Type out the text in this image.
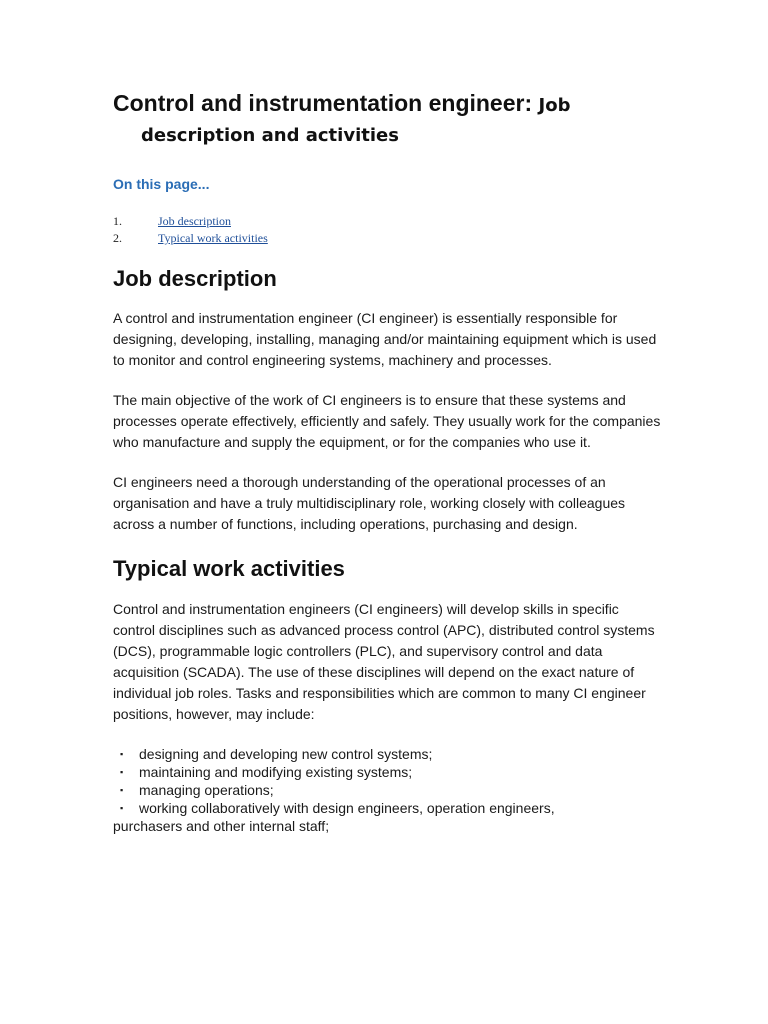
Control and instrumentation engineer: Job description and activities
On this page...
1.	Job description
2.	Typical work activities
Job description

A control and instrumentation engineer (CI engineer) is essentially responsible for designing, developing, installing, managing and/or maintaining equipment which is used to monitor and control engineering systems, machinery and processes.

The main objective of the work of CI engineers is to ensure that these systems and processes operate effectively, efficiently and safely. They usually work for the companies who manufacture and supply the equipment, or for the companies who use it.

CI engineers need a thorough understanding of the operational processes of an organisation and have a truly multidisciplinary role, working closely with colleagues across a number of functions, including operations, purchasing and design.

Typical work activities

Control and instrumentation engineers (CI engineers) will develop skills in specific control disciplines such as advanced process control (APC), distributed control systems (DCS), programmable logic controllers (PLC), and supervisory control and data acquisition (SCADA). The use of these disciplines will depend on the exact nature of individual job roles. Tasks and responsibilities which are common to many CI engineer positions, however, may include:

▪ designing and developing new control systems;
▪ maintaining and modifying existing systems;
▪ managing operations;
▪ working collaboratively with design engineers, operation engineers,
purchasers and other internal staff;
